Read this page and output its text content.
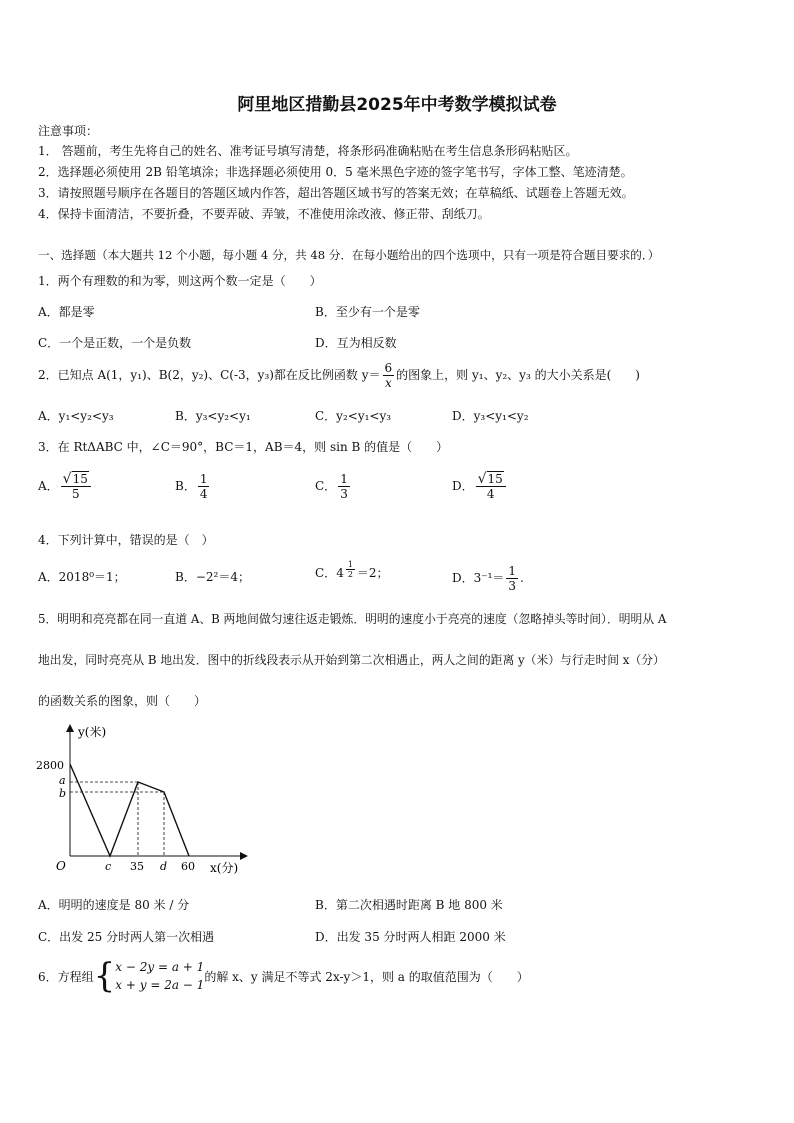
阿里地区措勤县2025年中考数学模拟试卷
注意事项：
1． 答题前，考生先将自己的姓名、准考证号填写清楚，将条形码准确粘贴在考生信息条形码粘贴区。
2．选择题必须使用 2B 铅笔填涂；非选择题必须使用 0．5 毫米黑色字迹的签字笔书写，字体工整、笔迹清楚。
3．请按照题号顺序在各题目的答题区域内作答，超出答题区域书写的答案无效；在草稿纸、试题卷上答题无效。
4．保持卡面清洁，不要折叠，不要弄破、弄皱，不准使用涂改液、修正带、刮纸刀。
一、选择题（本大题共 12 个小题，每小题 4 分，共 48 分．在每小题给出的四个选项中，只有一项是符合题目要求的．）
1．两个有理数的和为零，则这两个数一定是（　　）
A．都是零	B．至少有一个是零
C．一个是正数，一个是负数	D．互为相反数
2．已知点 A(1，y₁)、B(2，y₂)、C(-3，y₃)都在反比例函数 $y= \frac{6}{x}$ 的图象上，则 y₁、y₂、y₃ 的大小关系是(　　)
A．y₁<y₂<y₃	B．y₃<y₂<y₁	C．y₂<y₁<y₃	D．y₃<y₁<y₂
3．在 RtΔABC 中，∠C＝90°，BC＝1，AB＝4，则 sin B 的值是（　　）
A． $\frac{√15}{5}$	B． $\frac{1}{4}$	C． $\frac{1}{3}$	D． $\frac{√15}{4}$
4．下列计算中，错误的是（　）
A．2018⁰＝1；	B．−2²＝4；	C．$4 \frac{1}{2} =2$；	D．$3^{-1}= \frac{1}{3}$ .
5．明明和亮亮都在同一直道 A、B 两地间做匀速往返走锻炼．明明的速度小于亮亮的速度（忽略掉头等时间）．明明从 A
地出发，同时亮亮从 B 地出发．图中的折线段表示从开始到第二次相遇止，两人之间的距离 y（米）与行走时间 x（分）
的函数关系的图象，则（　　）
y(米)
x(分)
2800
a
b
O	c 35 d 60
A．明明的速度是 80 米 / 分	B．第二次相遇时距离 B 地 800 米
C．出发 25 分时两人第一次相遇	D．出发 35 分时两人相距 2000 米
6．方程组 { x − 2y = a + 1
x + y = 2a − 1
的解 x、y 满足不等式 2x-y＞1，则 a 的取值范围为（　　）
